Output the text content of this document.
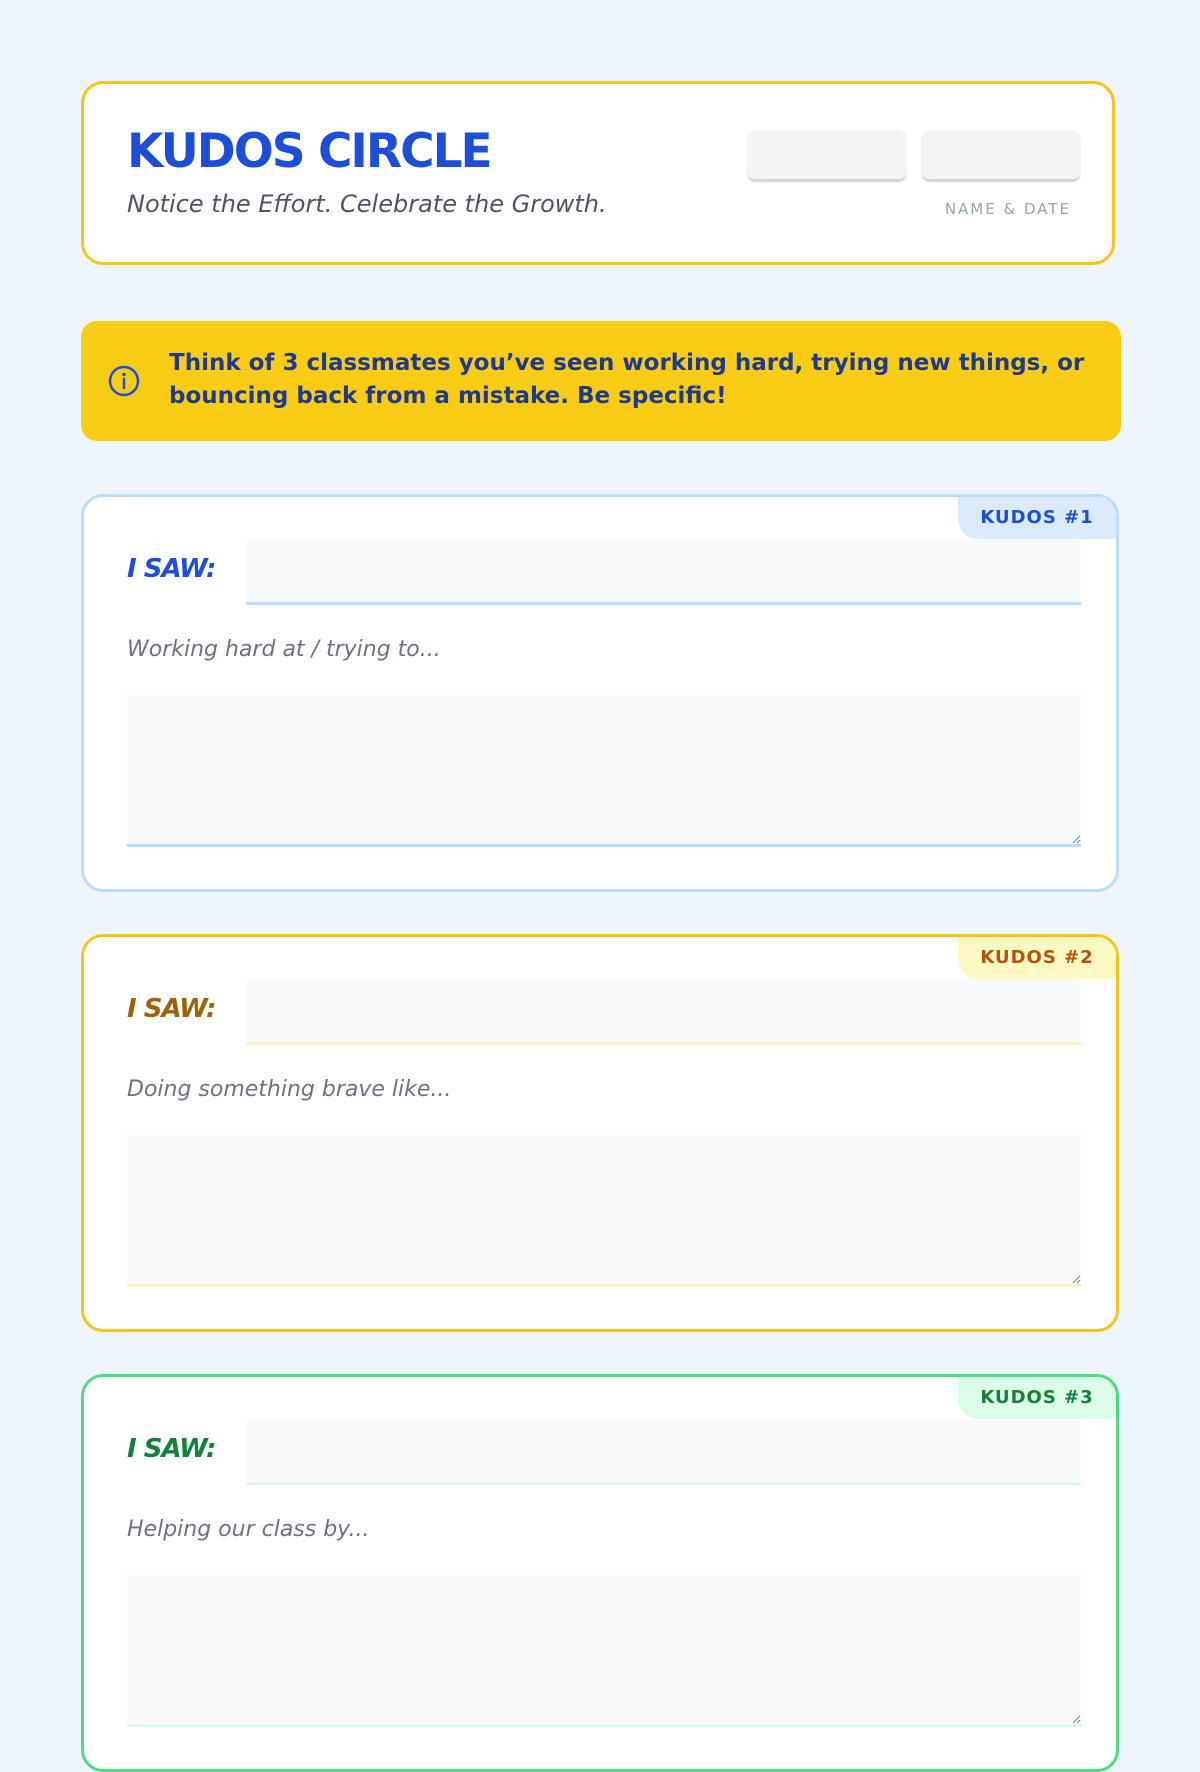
KUDOS CIRCLE
Notice the Effort. Celebrate the Growth.	NAME & DATE
Think of 3 classmates you’ve seen working hard, trying new things, or bouncing back from a mistake. Be specific!
KUDOS #1
I SAW:
Working hard at / trying to...
KUDOS #2
I SAW:
Doing something brave like...
KUDOS #3
I SAW:
Helping our class by...
